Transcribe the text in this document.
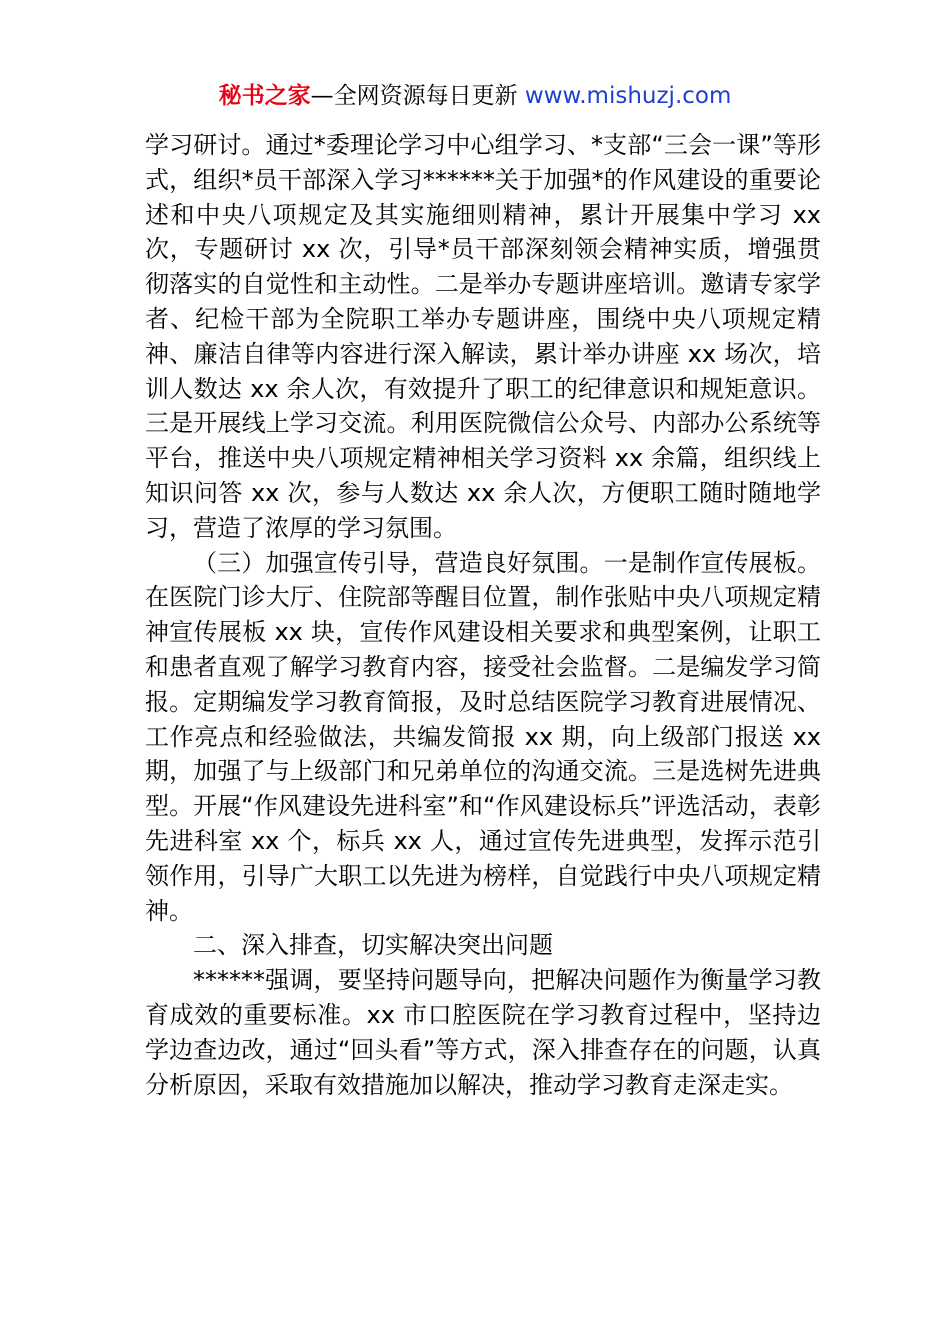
秘书之家—全网资源每日更新 www.mishuzj.com

学习研讨。通过*委理论学习中心组学习、*支部“三会一课”等形式，组织*员干部深入学习******关于加强*的作风建设的重要论述和中央八项规定及其实施细则精神，累计开展集中学习 xx 次，专题研讨 xx 次，引导*员干部深刻领会精神实质，增强贯彻落实的自觉性和主动性。二是举办专题讲座培训。邀请专家学者、纪检干部为全院职工举办专题讲座，围绕中央八项规定精神、廉洁自律等内容进行深入解读，累计举办讲座 xx 场次，培训人数达 xx 余人次，有效提升了职工的纪律意识和规矩意识。三是开展线上学习交流。利用医院微信公众号、内部办公系统等平台，推送中央八项规定精神相关学习资料 xx 余篇，组织线上知识问答 xx 次，参与人数达 xx 余人次，方便职工随时随地学习，营造了浓厚的学习氛围。

（三）加强宣传引导，营造良好氛围。一是制作宣传展板。在医院门诊大厅、住院部等醒目位置，制作张贴中央八项规定精神宣传展板 xx 块，宣传作风建设相关要求和典型案例，让职工和患者直观了解学习教育内容，接受社会监督。二是编发学习简报。定期编发学习教育简报，及时总结医院学习教育进展情况、工作亮点和经验做法，共编发简报 xx 期，向上级部门报送 xx 期，加强了与上级部门和兄弟单位的沟通交流。三是选树先进典型。开展“作风建设先进科室”和“作风建设标兵”评选活动，表彰先进科室 xx 个，标兵 xx 人，通过宣传先进典型，发挥示范引领作用，引导广大职工以先进为榜样，自觉践行中央八项规定精神。

二、深入排查，切实解决突出问题

******强调，要坚持问题导向，把解决问题作为衡量学习教育成效的重要标准。xx 市口腔医院在学习教育过程中，坚持边学边查边改，通过“回头看”等方式，深入排查存在的问题，认真分析原因，采取有效措施加以解决，推动学习教育走深走实。
